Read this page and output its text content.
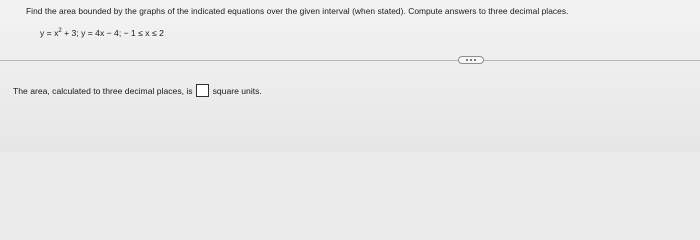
Find the area bounded by the graphs of the indicated equations over the given interval (when stated). Compute answers to three decimal places.
$y = x^2 + 3$; y = 4x − 4; − 1 ≤ x ≤ 2
The area, calculated to three decimal places, is square units.
